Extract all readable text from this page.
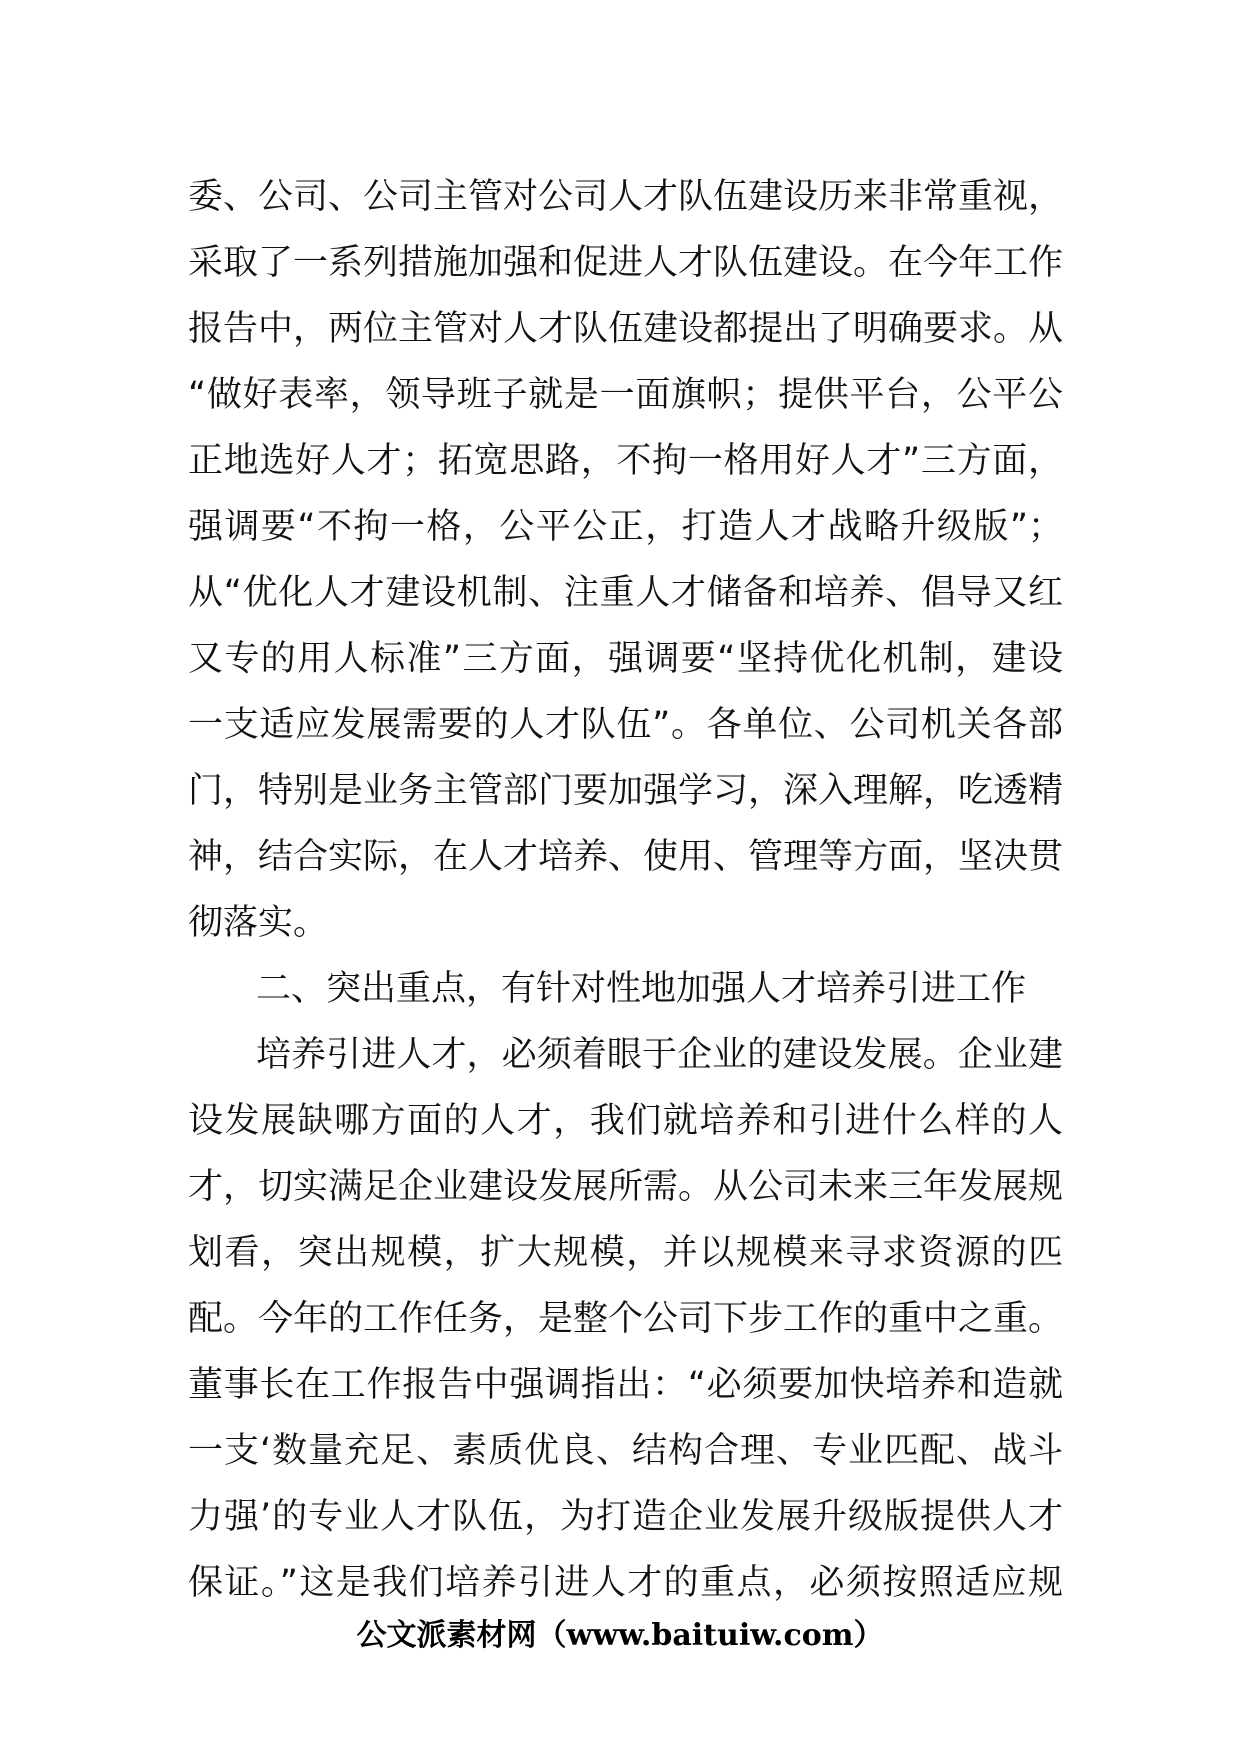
委、公司、公司主管对公司人才队伍建设历来非常重视，
采取了一系列措施加强和促进人才队伍建设。在今年工作
报告中，两位主管对人才队伍建设都提出了明确要求。从
“做好表率，领导班子就是一面旗帜；提供平台，公平公
正地选好人才；拓宽思路，不拘一格用好人才”三方面，
强调要“不拘一格，公平公正，打造人才战略升级版”；
从“优化人才建设机制、注重人才储备和培养、倡导又红
又专的用人标准”三方面，强调要“坚持优化机制，建设
一支适应发展需要的人才队伍”。各单位、公司机关各部
门，特别是业务主管部门要加强学习，深入理解，吃透精
神，结合实际，在人才培养、使用、管理等方面，坚决贯
彻落实。
二、突出重点，有针对性地加强人才培养引进工作
培养引进人才，必须着眼于企业的建设发展。企业建
设发展缺哪方面的人才，我们就培养和引进什么样的人
才，切实满足企业建设发展所需。从公司未来三年发展规
划看，突出规模，扩大规模，并以规模来寻求资源的匹
配。今年的工作任务，是整个公司下步工作的重中之重。
董事长在工作报告中强调指出：“必须要加快培养和造就
一支‘数量充足、素质优良、结构合理、专业匹配、战斗
力强’的专业人才队伍，为打造企业发展升级版提供人才
保证。”这是我们培养引进人才的重点，必须按照适应规
公文派素材网（www.baituiw.com）
